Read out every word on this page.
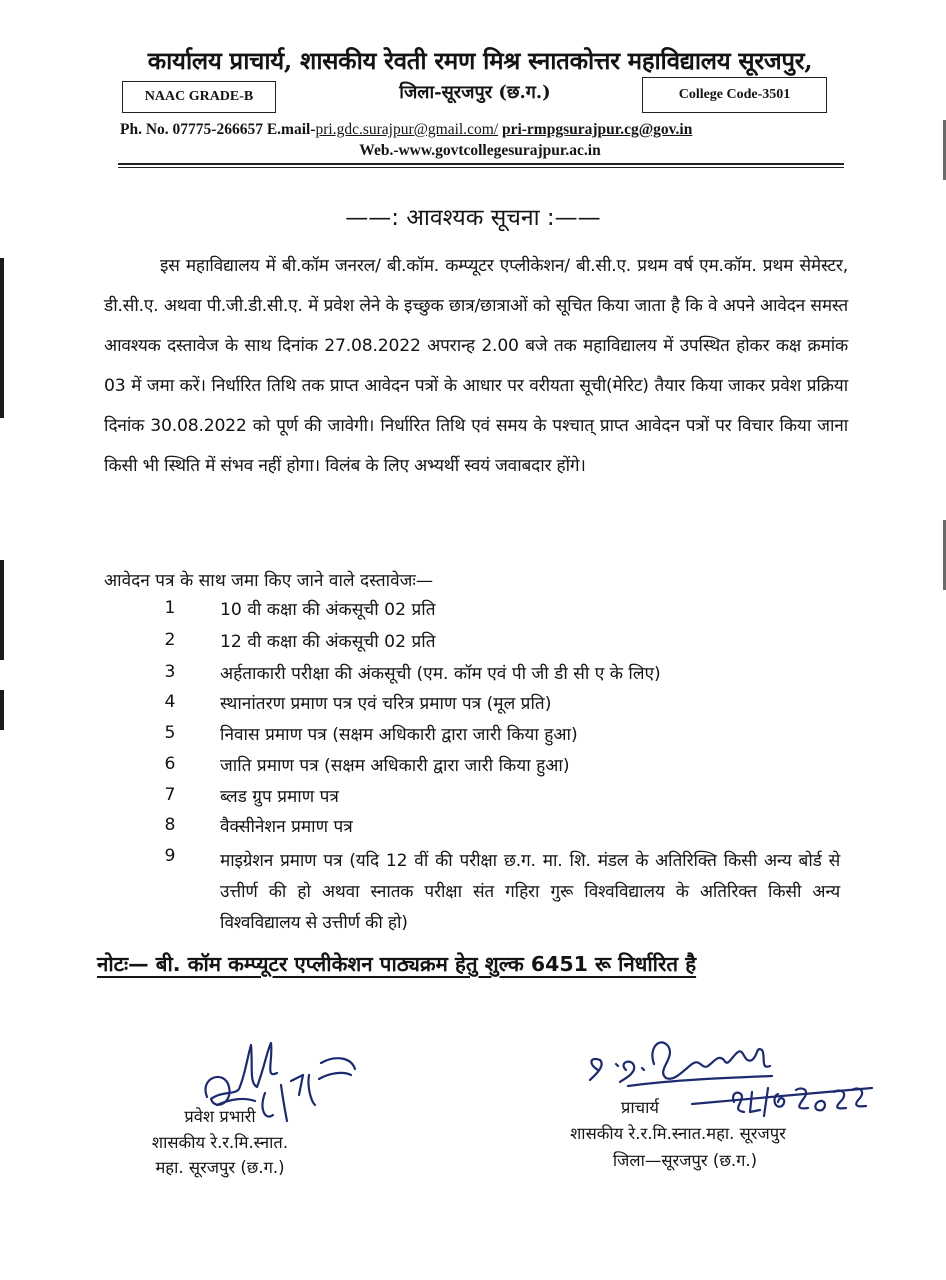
कार्यालय प्राचार्य, शासकीय रेवती रमण मिश्र स्नातकोत्तर महाविद्यालय सूरजपुर,
NAAC GRADE-B	जिला-सूरजपुर (छ.ग.)	College Code-3501
Ph. No. 07775-266657 E.mail-pri.gdc.surajpur@gmail.com/ pri-rmpgsurajpur.cg@gov.in
Web.-www.govtcollegesurajpur.ac.in
——: आवश्यक सूचना :——

इस महाविद्यालय में बी.कॉम जनरल/ बी.कॉम. कम्प्यूटर एप्लीकेशन/ बी.सी.ए. प्रथम वर्ष एम.कॉम. प्रथम सेमेस्टर, डी.सी.ए. अथवा पी.जी.डी.सी.ए. में प्रवेश लेने के इच्छुक छात्र/छात्राओं को सूचित किया जाता है कि वे अपने आवेदन समस्त आवश्यक दस्तावेज के साथ दिनांक 27.08.2022 अपरान्ह 2.00 बजे तक महाविद्यालय में उपस्थित होकर कक्ष क्रमांक 03 में जमा करें। निर्धारित तिथि तक प्राप्त आवेदन पत्रों के आधार पर वरीयता सूची(मेरिट) तैयार किया जाकर प्रवेश प्रक्रिया दिनांक 30.08.2022 को पूर्ण की जावेगी। निर्धारित तिथि एवं समय के पश्चात् प्राप्त आवेदन पत्रों पर विचार किया जाना किसी भी स्थिति में संभव नहीं होगा। विलंब के लिए अभ्यर्थी स्वयं जवाबदार होंगे।

आवेदन पत्र के साथ जमा किए जाने वाले दस्तावेजः—
1	10 वी कक्षा की अंकसूची 02 प्रति
2	12 वी कक्षा की अंकसूची 02 प्रति
3	अर्हताकारी परीक्षा की अंकसूची (एम. कॉम एवं पी जी डी सी ए के लिए)
4	स्थानांतरण प्रमाण पत्र एवं चरित्र प्रमाण पत्र (मूल प्रति)
5	निवास प्रमाण पत्र (सक्षम अधिकारी द्वारा जारी किया हुआ)
6	जाति प्रमाण पत्र (सक्षम अधिकारी द्वारा जारी किया हुआ)
7	ब्लड ग्रुप प्रमाण पत्र
8	वैक्सीनेशन प्रमाण पत्र
9	माइग्रेशन प्रमाण पत्र (यदि 12 वीं की परीक्षा छ.ग. मा. शि. मंडल के अतिरिक्ति किसी अन्य बोर्ड से उत्तीर्ण की हो अथवा स्नातक परीक्षा संत गहिरा गुरू विश्वविद्यालय के अतिरिक्त किसी अन्य विश्वविद्यालय से उत्तीर्ण की हो)
नोटः— बी. कॉम कम्प्यूटर एप्लीकेशन पाठ्यक्रम हेतु शुल्क 6451 रू निर्धारित है
प्रवेश प्रभारी
शासकीय रे.र.मि.स्नात.
महा. सूरजपुर (छ.ग.)
प्राचार्य
शासकीय रे.र.मि.स्नात.महा. सूरजपुर
जिला—सूरजपुर (छ.ग.)
